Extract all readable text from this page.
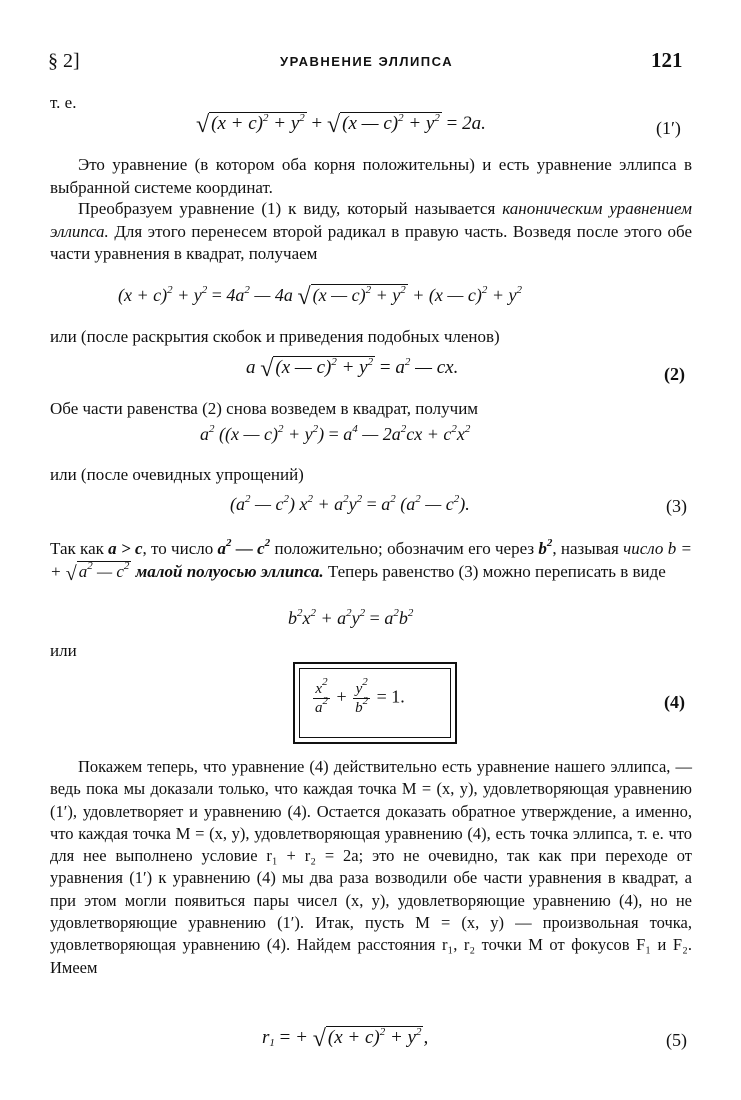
§ 2]	УРАВНЕНИЕ ЭЛЛИПСА	121
т. е.
√ $(x + c)^2 + y^2$ + √ (x — $c)^2 + y^2 = 2a$.	(1′)
Это уравнение (в котором оба корня положительны) и есть уравнение эллипса в выбранной системе координат.
Преобразуем уравнение (1) к виду, который называется каноническим уравнением эллипса. Для этого перенесем второй радикал в правую часть. Возведя после этого обе части уравнения в квадрат, получаем
$(x + c)^2 + y^2 = 4a^2$ — 4a √ (x — $c)^2 + y^2 + (x$ — $c)^2 + y^2$
или (после раскрытия скобок и приведения подобных членов)
a √ (x — $c)^2 + y^2 = a^2$ — cx.	(2)
Обе части равенства (2) снова возведем в квадрат, получим
$a^2$ ((x — $c)^2 + y^2) = a^4$ — $2a^2cx + c^2x^2$
или (после очевидных упрощений)
($a^2$ — $c^2$) $x^2 + a^2y^2 = a^2$ ($a^2$ — $c^2$).	(3)
Так как a > c, то число $a^2$ — $c^2$ положительно; обозначим его через $b^2$, называя число b = + √ $a^2$ — $c^2$ малой полуосью эллипса. Теперь равенство (3) можно переписать в виде
$b^2x^2 + a^2y^2 = a^2b^2$
или
$\frac{x^2}{a^2} + \frac{y^2}{b^2} = 1$.	(4)
Покажем теперь, что уравнение (4) действительно есть уравнение нашего эллипса, — ведь пока мы доказали только, что каждая точка M = (x, y), удовлетворяющая уравнению (1′), удовлетворяет и уравнению (4). Остается доказать обратное утверждение, а именно, что каждая точка M = (x, y), удовлетворяющая уравнению (4), есть точка эллипса, т. е. что для нее выполнено условие r₁ + r₂ = 2a; это не очевидно, так как при переходе от уравнения (1′) к уравнению (4) мы два раза возводили обе части уравнения в квадрат, а при этом могли появиться пары чисел (x, y), удовлетворяющие уравнению (4), но не удовлетворяющие уравнению (1′). Итак, пусть M = (x, y) — произвольная точка, удовлетворяющая уравнению (4). Найдем расстояния r₁, r₂ точки M от фокусов F₁ и F₂. Имеем
$r_1$ = + √ $(x + c)^2 + y^2$ ,	(5)
